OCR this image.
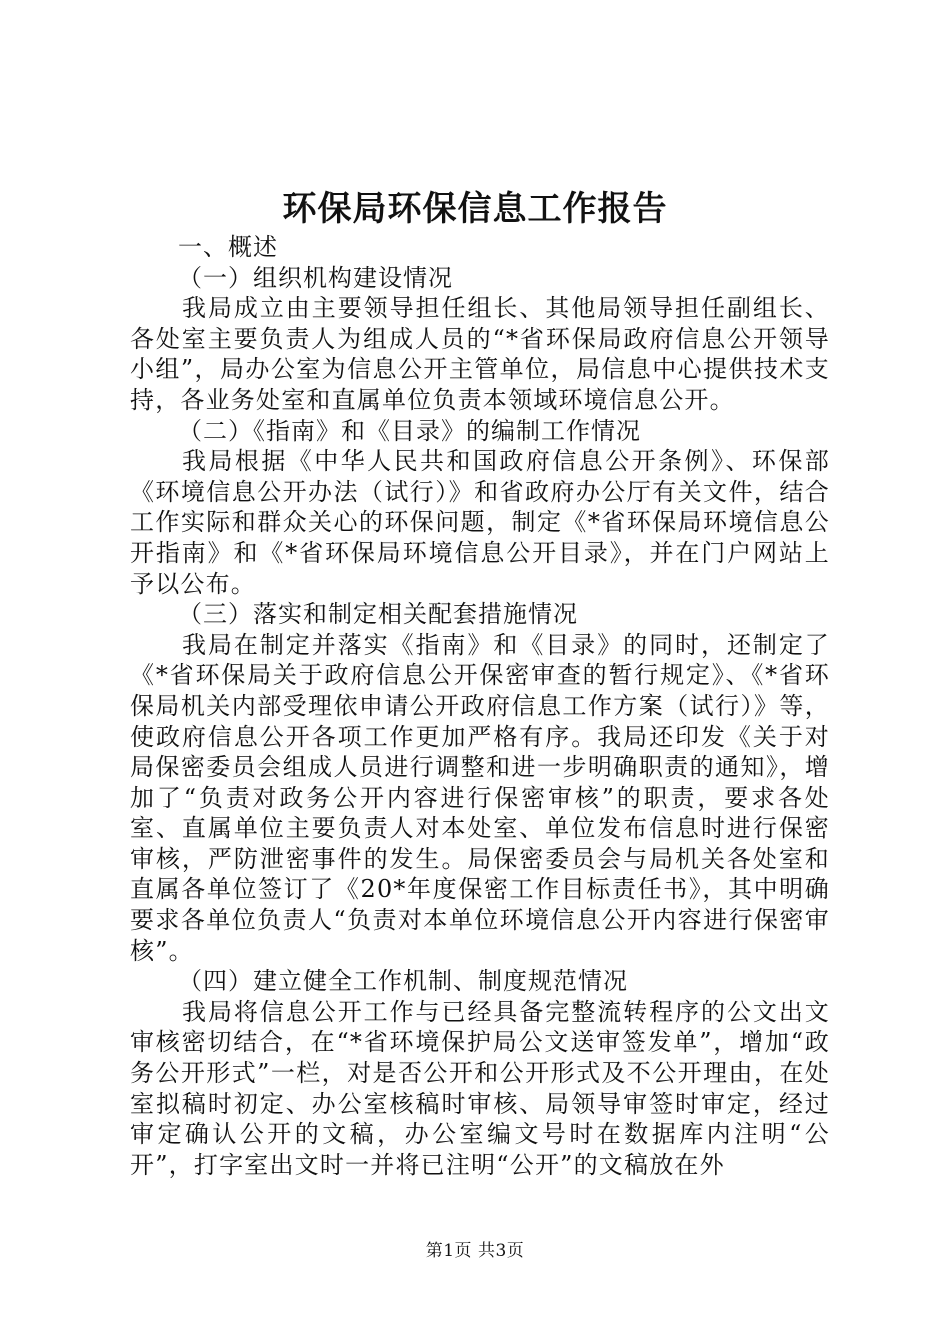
环保局环保信息工作报告

一、概述

（一）组织机构建设情况

我局成立由主要领导担任组长、其他局领导担任副组长、各处室主要负责人为组成人员的“*省环保局政府信息公开领导小组”，局办公室为信息公开主管单位，局信息中心提供技术支持，各业务处室和直属单位负责本领域环境信息公开。

（二）《指南》和《目录》的编制工作情况

我局根据《中华人民共和国政府信息公开条例》、环保部《环境信息公开办法（试行）》和省政府办公厅有关文件，结合工作实际和群众关心的环保问题，制定《*省环保局环境信息公开指南》和《*省环保局环境信息公开目录》，并在门户网站上予以公布。

（三）落实和制定相关配套措施情况

我局在制定并落实《指南》和《目录》的同时，还制定了《*省环保局关于政府信息公开保密审查的暂行规定》、《*省环保局机关内部受理依申请公开政府信息工作方案（试行）》等，使政府信息公开各项工作更加严格有序。我局还印发《关于对局保密委员会组成人员进行调整和进一步明确职责的通知》，增加了“负责对政务公开内容进行保密审核”的职责，要求各处室、直属单位主要负责人对本处室、单位发布信息时进行保密审核，严防泄密事件的发生。局保密委员会与局机关各处室和直属各单位签订了《20*年度保密工作目标责任书》，其中明确要求各单位负责人“负责对本单位环境信息公开内容进行保密审核”。

（四）建立健全工作机制、制度规范情况

我局将信息公开工作与已经具备完整流转程序的公文出文审核密切结合，在“*省环境保护局公文送审签发单”，增加“政务公开形式”一栏，对是否公开和公开形式及不公开理由，在处室拟稿时初定、办公室核稿时审核、局领导审签时审定，经过审定确认公开的文稿，办公室编文号时在数据库内注明“公开”，打字室出文时一并将已注明“公开”的文稿放在外

第1页 共3页
